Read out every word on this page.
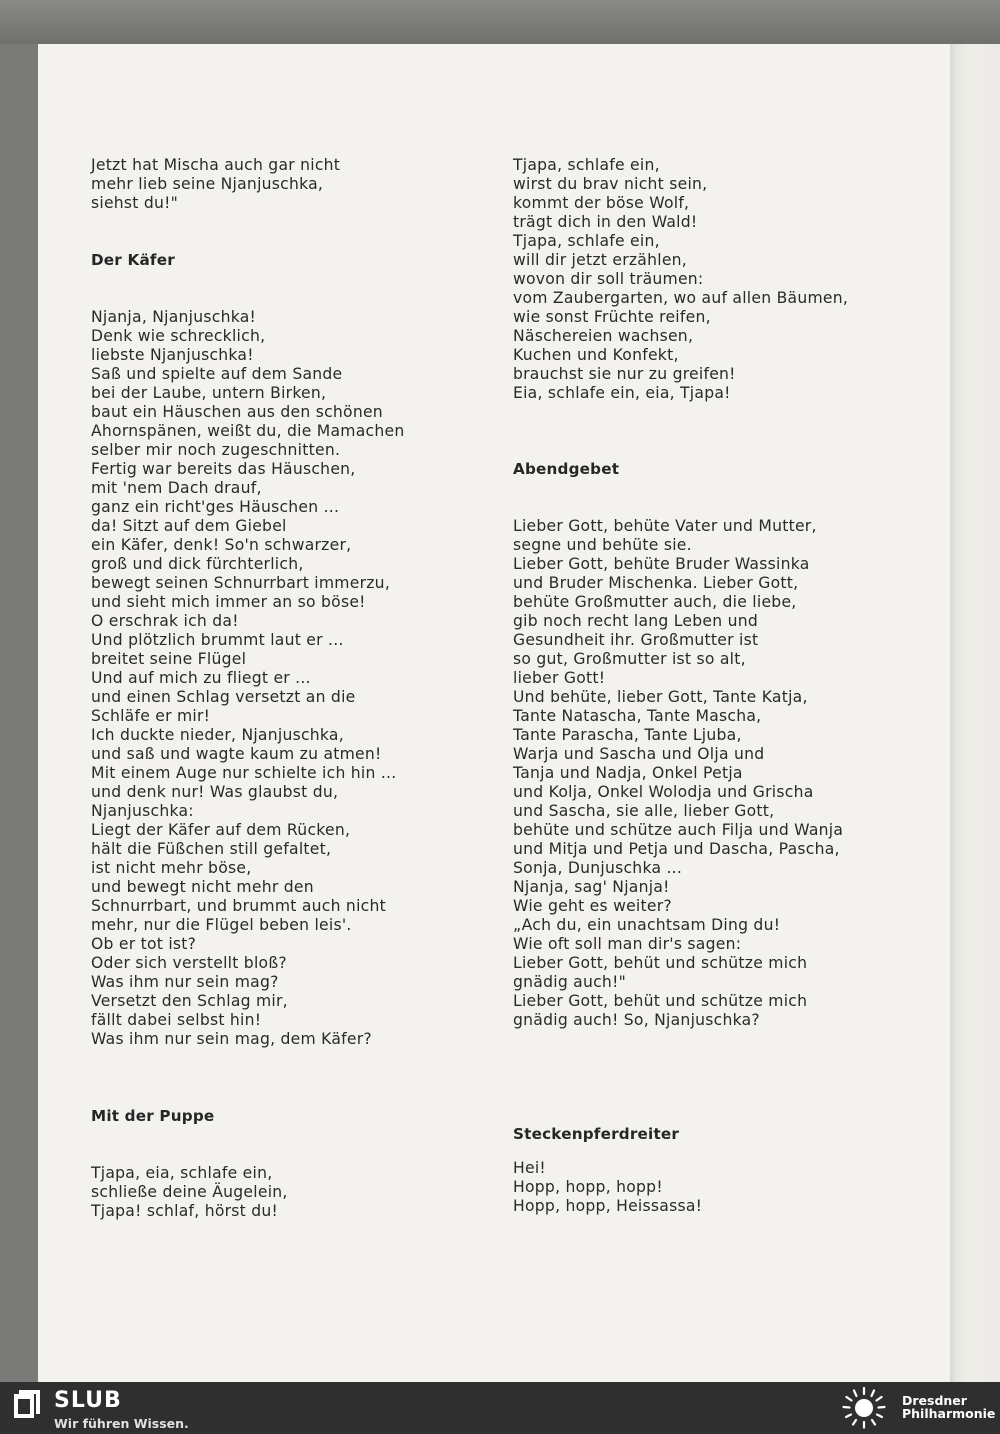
Jetzt hat Mischa auch gar nicht
mehr lieb seine Njanjuschka,
siehst du!"
Der Käfer
Njanja, Njanjuschka!
Denk wie schrecklich,
liebste Njanjuschka!
Saß und spielte auf dem Sande
bei der Laube, untern Birken,
baut ein Häuschen aus den schönen
Ahornspänen, weißt du, die Mamachen
selber mir noch zugeschnitten.
Fertig war bereits das Häuschen,
mit 'nem Dach drauf,
ganz ein richt'ges Häuschen ...
da! Sitzt auf dem Giebel
ein Käfer, denk! So'n schwarzer,
groß und dick fürchterlich,
bewegt seinen Schnurrbart immerzu,
und sieht mich immer an so böse!
O erschrak ich da!
Und plötzlich brummt laut er ...
breitet seine Flügel
Und auf mich zu fliegt er ...
und einen Schlag versetzt an die
Schläfe er mir!
Ich duckte nieder, Njanjuschka,
und saß und wagte kaum zu atmen!
Mit einem Auge nur schielte ich hin ...
und denk nur! Was glaubst du,
Njanjuschka:
Liegt der Käfer auf dem Rücken,
hält die Füßchen still gefaltet,
ist nicht mehr böse,
und bewegt nicht mehr den
Schnurrbart, und brummt auch nicht
mehr, nur die Flügel beben leis'.
Ob er tot ist?
Oder sich verstellt bloß?
Was ihm nur sein mag?
Versetzt den Schlag mir,
fällt dabei selbst hin!
Was ihm nur sein mag, dem Käfer?
Mit der Puppe
Tjapa, eia, schlafe ein,
schließe deine Äugelein,
Tjapa! schlaf, hörst du!
Tjapa, schlafe ein,
wirst du brav nicht sein,
kommt der böse Wolf,
trägt dich in den Wald!
Tjapa, schlafe ein,
will dir jetzt erzählen,
wovon dir soll träumen:
vom Zaubergarten, wo auf allen Bäumen,
wie sonst Früchte reifen,
Näschereien wachsen,
Kuchen und Konfekt,
brauchst sie nur zu greifen!
Eia, schlafe ein, eia, Tjapa!
Abendgebet
Lieber Gott, behüte Vater und Mutter,
segne und behüte sie.
Lieber Gott, behüte Bruder Wassinka
und Bruder Mischenka. Lieber Gott,
behüte Großmutter auch, die liebe,
gib noch recht lang Leben und
Gesundheit ihr. Großmutter ist
so gut, Großmutter ist so alt,
lieber Gott!
Und behüte, lieber Gott, Tante Katja,
Tante Natascha, Tante Mascha,
Tante Paraschа, Tante Ljuba,
Warja und Sascha und Olja und
Tanja und Nadja, Onkel Petja
und Kolja, Onkel Wolodja und Grischa
und Sascha, sie alle, lieber Gott,
behüte und schütze auch Filja und Wanja
und Mitja und Petja und Dascha, Pascha,
Sonja, Dunjuschka ...
Njanja, sag' Njanja!
Wie geht es weiter?
„Ach du, ein unachtsam Ding du!
Wie oft soll man dir's sagen:
Lieber Gott, behüt und schütze mich
gnädig auch!"
Lieber Gott, behüt und schütze mich
gnädig auch! So, Njanjuschka?
Steckenpferdreiter
Hei!
Hopp, hopp, hopp!
Hopp, hopp, Heissassa!
SLUB
Wir führen Wissen.
Dresdner
Philharmonie
